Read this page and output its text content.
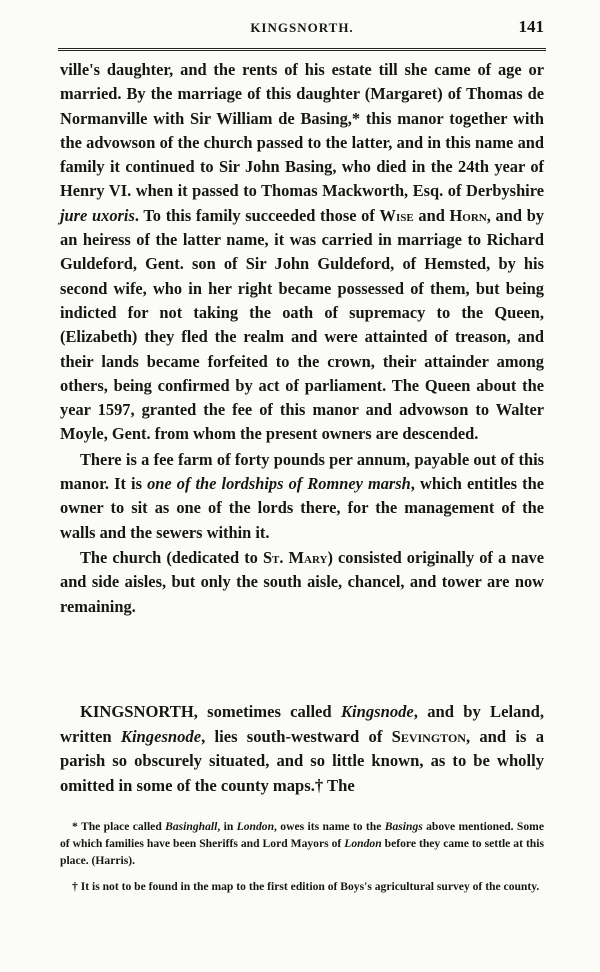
KINGSNORTH.	141

ville's daughter, and the rents of his estate till she came of age or married. By the marriage of this daughter (Margaret) of Thomas de Normanville with Sir William de Basing,* this manor together with the advowson of the church passed to the latter, and in this name and family it continued to Sir John Basing, who died in the 24th year of Henry VI. when it passed to Thomas Mackworth, Esq. of Derbyshire jure uxoris. To this family succeeded those of Wise and Horn, and by an heiress of the latter name, it was carried in marriage to Richard Guldeford, Gent. son of Sir John Guldeford, of Hemsted, by his second wife, who in her right became possessed of them, but being indicted for not taking the oath of supremacy to the Queen, (Elizabeth) they fled the realm and were attainted of treason, and their lands became forfeited to the crown, their attainder among others, being confirmed by act of parliament. The Queen about the year 1597, granted the fee of this manor and advowson to Walter Moyle, Gent. from whom the present owners are descended.

There is a fee farm of forty pounds per annum, payable out of this manor. It is one of the lordships of Romney marsh, which entitles the owner to sit as one of the lords there, for the management of the walls and the sewers within it.

The church (dedicated to St. Mary) consisted originally of a nave and side aisles, but only the south aisle, chancel, and tower are now remaining.

KINGSNORTH, sometimes called Kingsnode, and by Leland, written Kingesnode, lies south-westward of Sevington, and is a parish so obscurely situated, and so little known, as to be wholly omitted in some of the county maps.† The

* The place called Basinghall, in London, owes its name to the Basings above mentioned. Some of which families have been Sheriffs and Lord Mayors of London before they came to settle at this place. (Harris).

† It is not to be found in the map to the first edition of Boys's agricultural survey of the county.
